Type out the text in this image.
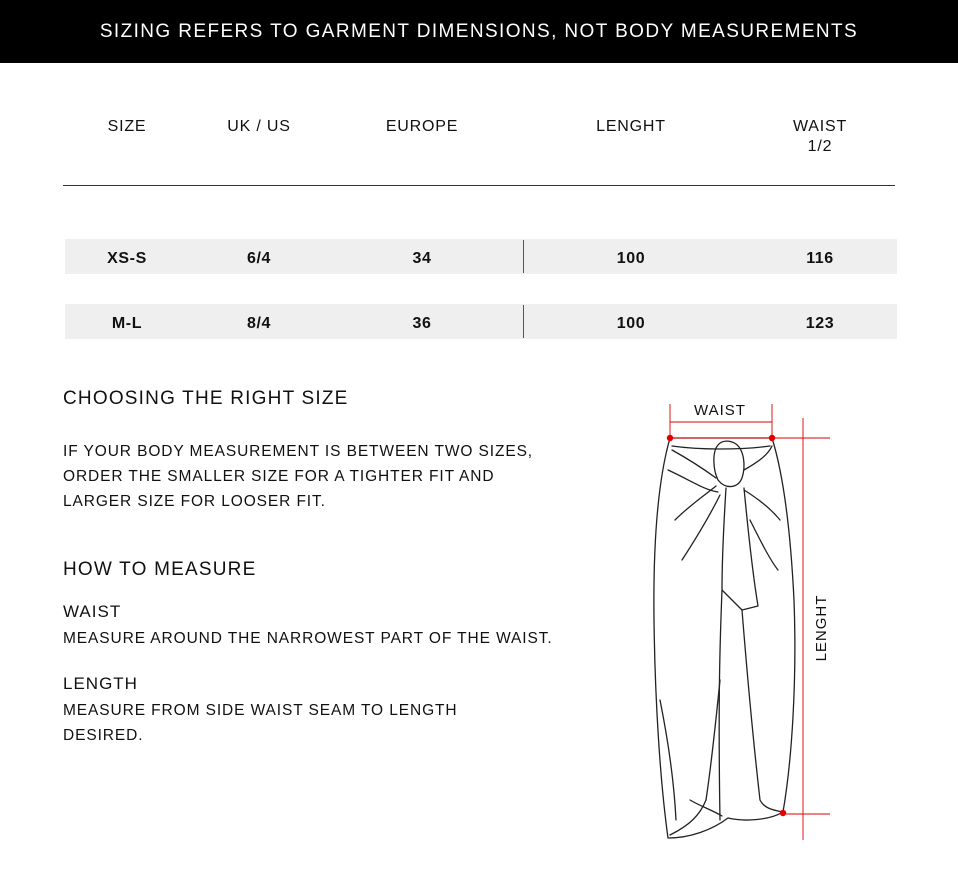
SIZING REFERS TO GARMENT DIMENSIONS, NOT BODY MEASUREMENTS
SIZE	UK / US	EUROPE	LENGHT	WAIST
1/2
XS-S	6/4	34	100	116
M-L	8/4	36	100	123
CHOOSING THE RIGHT SIZE
IF YOUR BODY MEASUREMENT IS BETWEEN TWO SIZES,
ORDER THE SMALLER SIZE FOR A TIGHTER FIT AND
LARGER SIZE FOR LOOSER FIT.
HOW TO MEASURE
WAIST
MEASURE AROUND THE NARROWEST PART OF THE WAIST.
LENGTH
MEASURE FROM SIDE WAIST SEAM TO LENGTH
DESIRED.
WAIST
LENGHT
